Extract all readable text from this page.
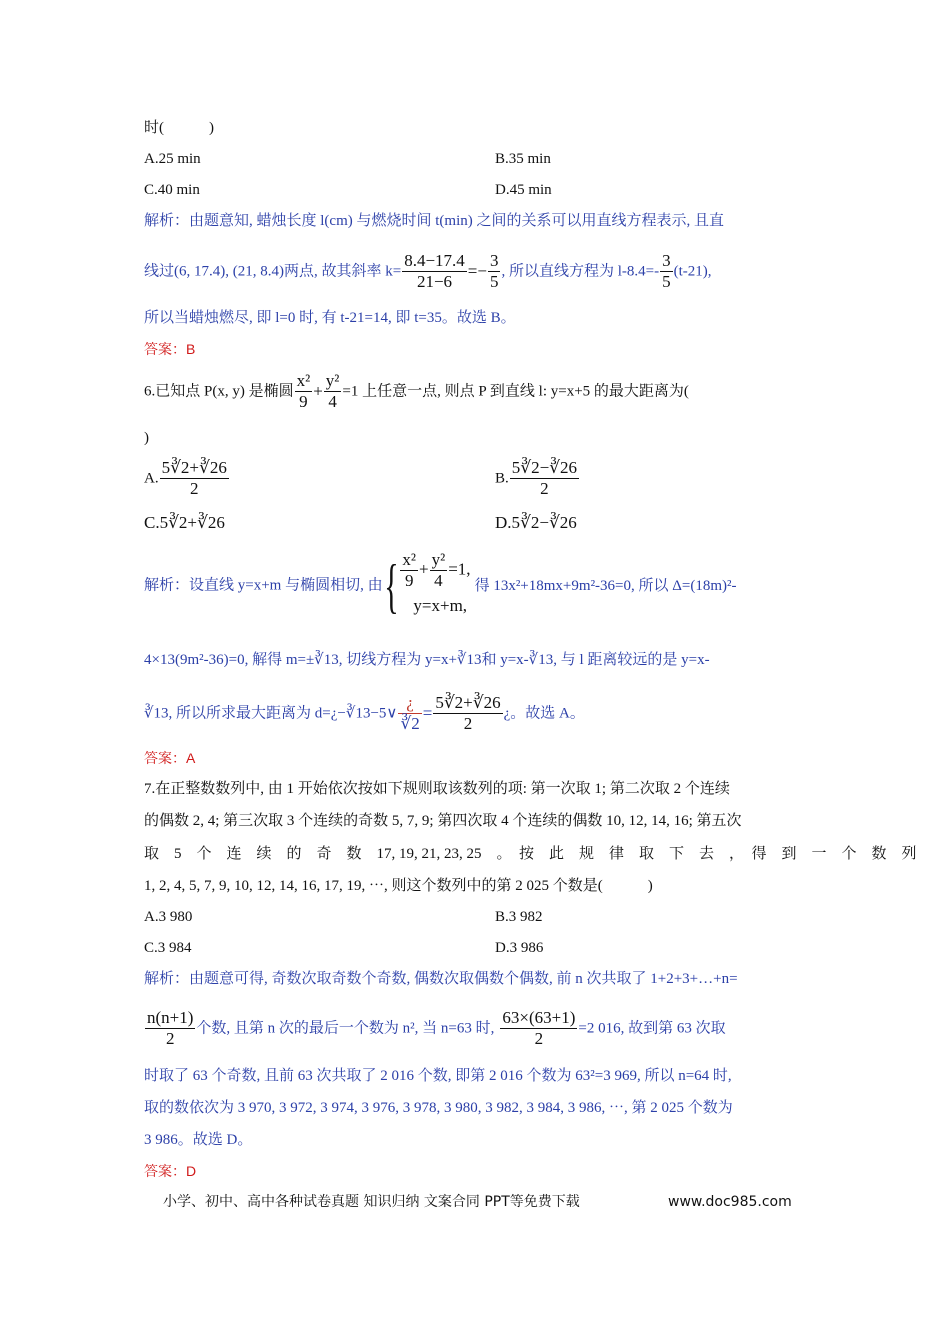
时(　　　)
A.25 min	B.35 min
C.40 min	D.45 min
解析：由题意知, 蜡烛长度 l(cm) 与燃烧时间 t(min) 之间的关系可以用直线方程表示, 且直
线过(6, 17.4), (21, 8.4)两点, 故其斜率 $k= \frac{8.4-17.4}{21-6} =- \frac{3}{5}$ , 所以直线方程为 $l-8.4=- \frac{3}{5} (t-21)$,
所以当蜡烛燃尽, 即 l=0 时, 有 t-21=14, 即 t=35。故选 B。
答案：B
6.已知点 P(x, y) 是椭圆 $\frac{\text{x²}}{9} + \frac{\text{y²}}{4} =1$ 上任意一点, 则点 P 到直线 l: y=x+5 的最大距离为(
)
A. $\frac{5∛2+∛26}{2}$	B. $\frac{5∛2-∛26}{2}$
C.5∛2+∛26	D.5∛2−∛26
解析：设直线 y=x+m 与椭圆相切, 由{ $\frac{\text{x²}}{9} + \frac{\text{y²}}{4} =1$,
y=x+m,
得 13x²+18mx+9m²-36=0, 所以 Δ=(18m)²-
4×13(9m²-36)=0, 解得 m=±∛13, 切线方程为 y=x+∛13和 y=x-∛13, 与 l 距离较远的是 y=x-
∛13, 所以所求最大距离为 d=¿−∛13−5∨ $\frac{¿}{∛2} = \frac{5∛2+∛26}{2}$ ¿。故选 A。
答案：A
7.在正整数数列中, 由 1 开始依次按如下规则取该数列的项: 第一次取 1; 第二次取 2 个连续
的偶数 2, 4; 第三次取 3 个连续的奇数 5, 7, 9; 第四次取 4 个连续的偶数 10, 12, 14, 16; 第五次
取　5　个　连　续　的　奇　数　17, 19, 21, 23, 25　。　按　此　规　律　取　下　去　，　得　到　一　个　数　列
1, 2, 4, 5, 7, 9, 10, 12, 14, 16, 17, 19, ⋯, 则这个数列中的第 2 025 个数是(　　　)
A.3 980	B.3 982
C.3 984	D.3 986
解析：由题意可得, 奇数次取奇数个奇数, 偶数次取偶数个偶数, 前 n 次共取了 1+2+3+…+n=
$\frac{n(n+1)}{2}$ 个数, 且第 n 次的最后一个数为 n², 当 n=63 时, $\frac{63\times(63+1)}{2} =2$ 016, 故到第 63 次取
时取了 63 个奇数, 且前 63 次共取了 2 016 个数, 即第 2 016 个数为 63²=3 969, 所以 n=64 时,
取的数依次为 3 970, 3 972, 3 974, 3 976, 3 978, 3 980, 3 982, 3 984, 3 986, ⋯, 第 2 025 个数为
3 986。故选 D。
答案：D
小学、初中、高中各种试卷真题 知识归纳 文案合同 PPT等免费下载	www.doc985.com
